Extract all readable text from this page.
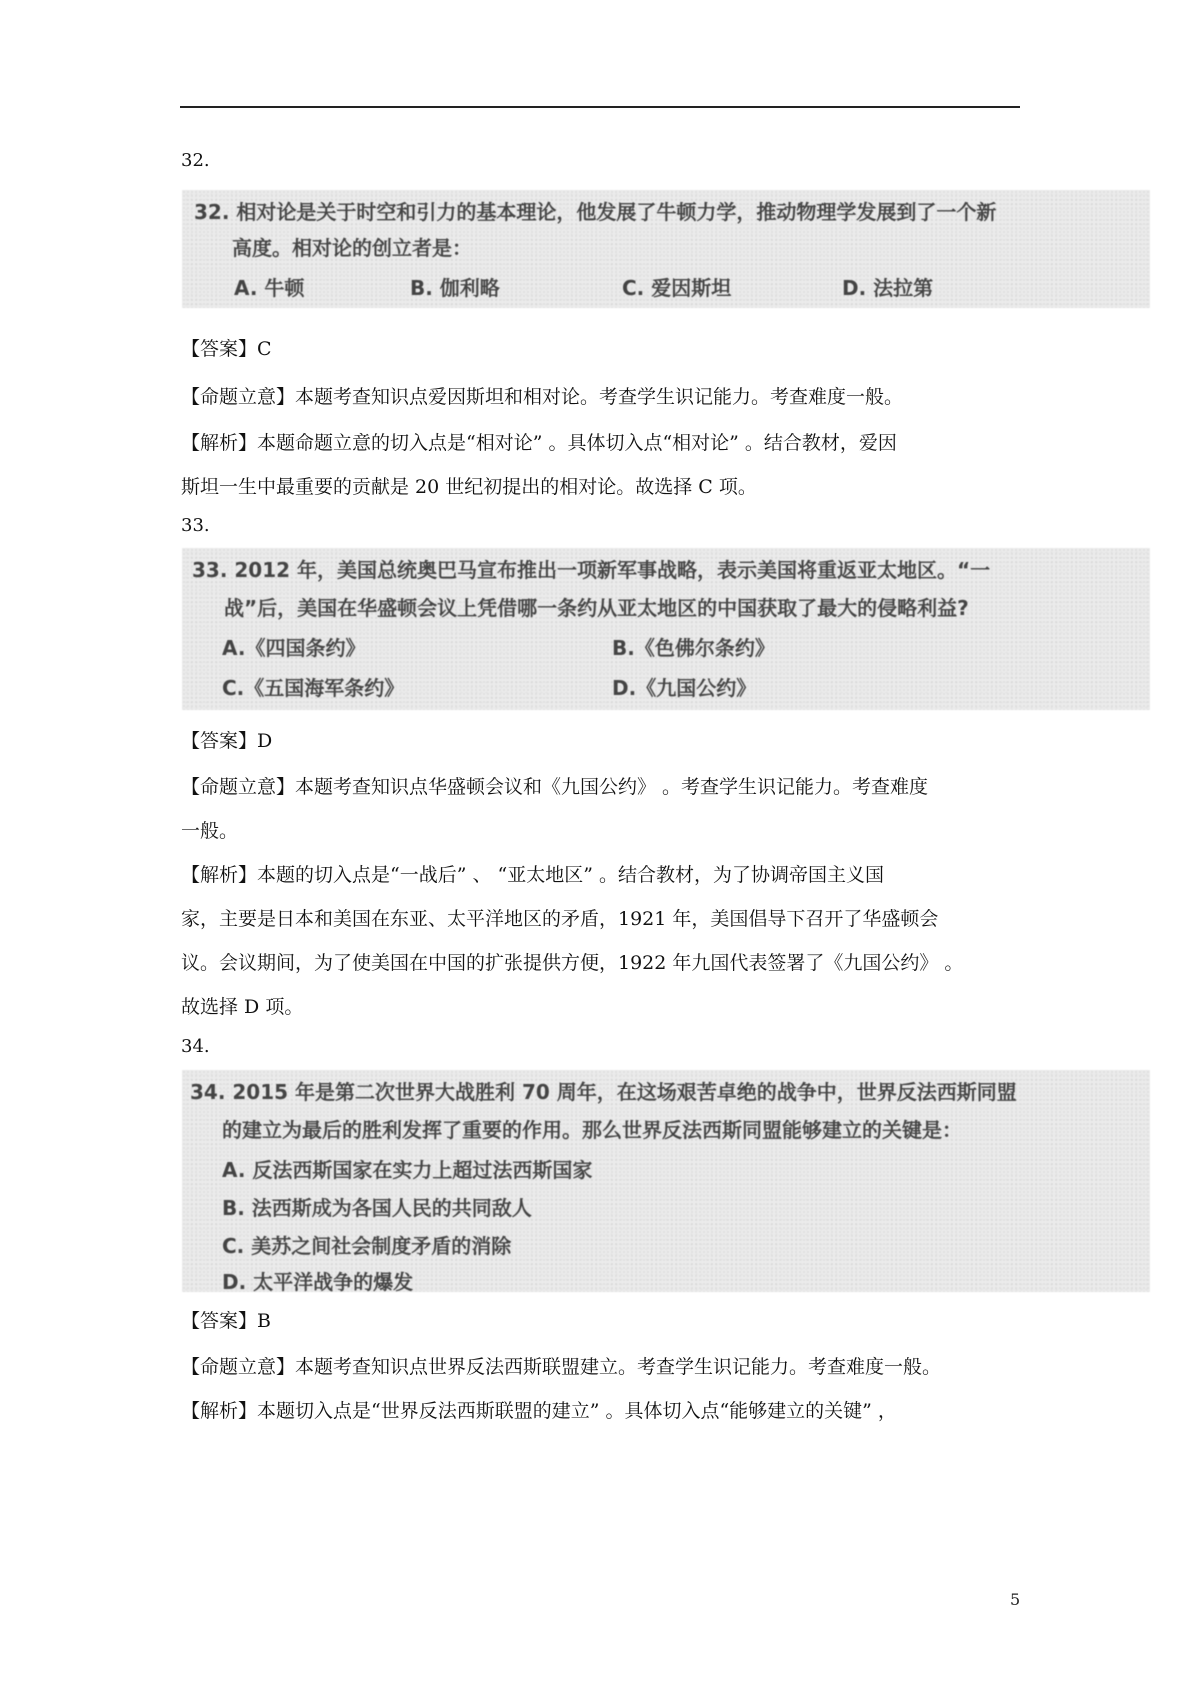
32.
32. 相对论是关于时空和引力的基本理论，他发展了牛顿力学，推动物理学发展到了一个新
高度。相对论的创立者是：
A. 牛顿	B. 伽利略	C. 爱因斯坦	D. 法拉第
【答案】C
【命题立意】本题考查知识点爱因斯坦和相对论。考查学生识记能力。考查难度一般。
【解析】本题命题立意的切入点是“相对论” 。具体切入点“相对论” 。结合教材，爱因
斯坦一生中最重要的贡献是 20 世纪初提出的相对论。故选择 C 项。
33.
33. 2012 年，美国总统奥巴马宣布推出一项新军事战略，表示美国将重返亚太地区。“一
战”后，美国在华盛顿会议上凭借哪一条约从亚太地区的中国获取了最大的侵略利益?
A.《四国条约》	B.《色佛尔条约》
C.《五国海军条约》	D.《九国公约》
【答案】D
【命题立意】本题考查知识点华盛顿会议和《九国公约》 。考查学生识记能力。考查难度
一般。
【解析】本题的切入点是“一战后” 、 “亚太地区” 。结合教材，为了协调帝国主义国
家，主要是日本和美国在东亚、太平洋地区的矛盾，1921 年，美国倡导下召开了华盛顿会
议。会议期间，为了使美国在中国的扩张提供方便，1922 年九国代表签署了《九国公约》 。
故选择 D 项。
34.
34. 2015 年是第二次世界大战胜利 70 周年，在这场艰苦卓绝的战争中，世界反法西斯同盟
的建立为最后的胜利发挥了重要的作用。那么世界反法西斯同盟能够建立的关键是：
A. 反法西斯国家在实力上超过法西斯国家
B. 法西斯成为各国人民的共同敌人
C. 美苏之间社会制度矛盾的消除
D. 太平洋战争的爆发
【答案】B
【命题立意】本题考查知识点世界反法西斯联盟建立。考查学生识记能力。考查难度一般。
【解析】本题切入点是“世界反法西斯联盟的建立” 。具体切入点“能够建立的关键” ，
5
